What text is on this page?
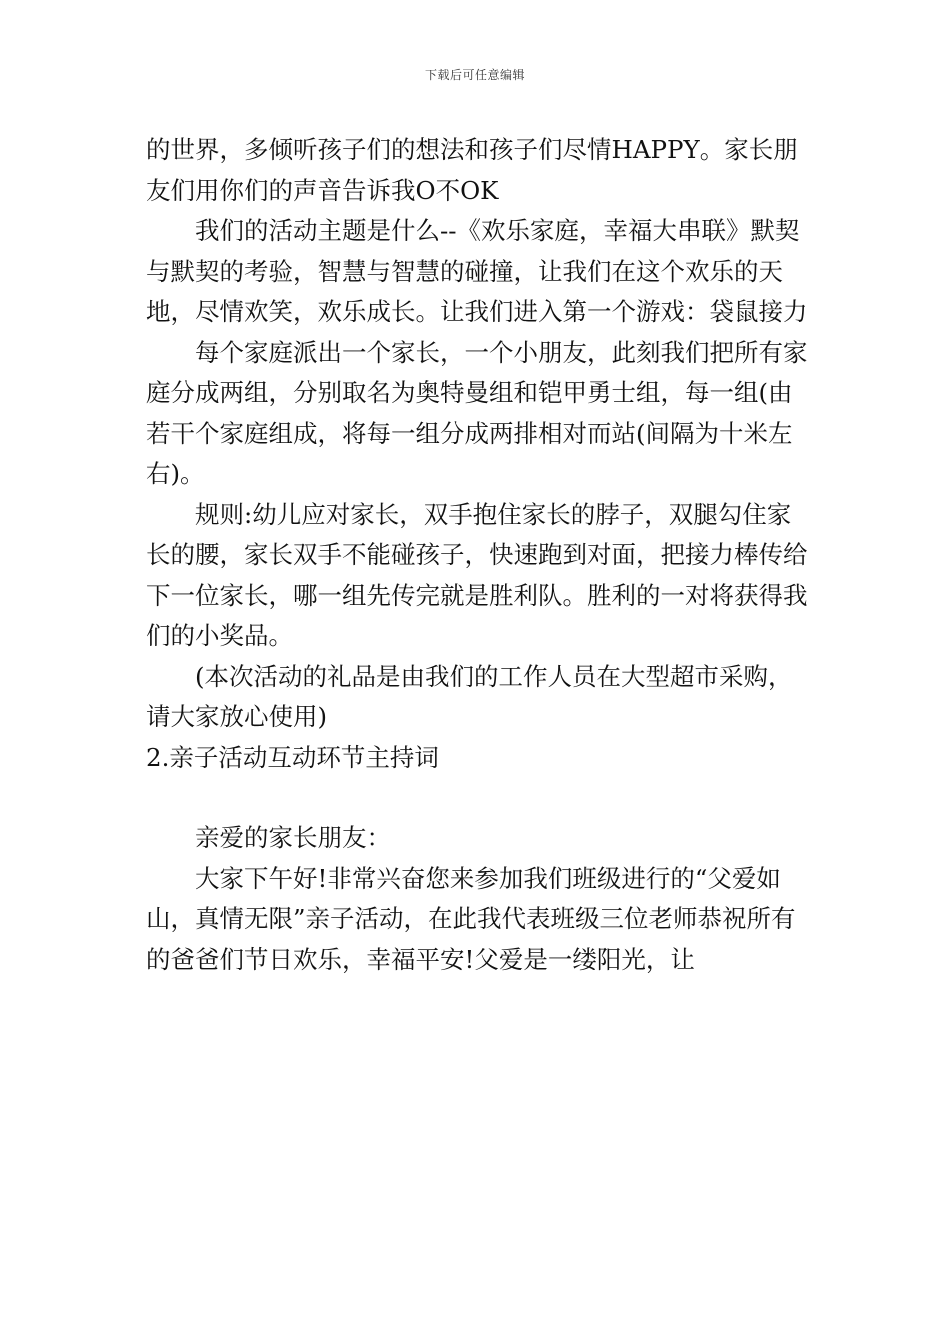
下载后可任意编辑

的世界，多倾听孩子们的想法和孩子们尽情HAPPY。家长朋友们用你们的声音告诉我O不OK

我们的活动主题是什么--《欢乐家庭，幸福大串联》默契与默契的考验，智慧与智慧的碰撞，让我们在这个欢乐的天地，尽情欢笑，欢乐成长。让我们进入第一个游戏：袋鼠接力

每个家庭派出一个家长，一个小朋友，此刻我们把所有家庭分成两组，分别取名为奥特曼组和铠甲勇士组，每一组(由若干个家庭组成，将每一组分成两排相对而站(间隔为十米左右)。

规则:幼儿应对家长，双手抱住家长的脖子，双腿勾住家长的腰，家长双手不能碰孩子，快速跑到对面，把接力棒传给下一位家长，哪一组先传完就是胜利队。胜利的一对将获得我们的小奖品。

(本次活动的礼品是由我们的工作人员在大型超市采购，请大家放心使用)

2.亲子活动互动环节主持词

亲爱的家长朋友：

大家下午好!非常兴奋您来参加我们班级进行的“父爱如山，真情无限”亲子活动，在此我代表班级三位老师恭祝所有的爸爸们节日欢乐，幸福平安!父爱是一缕阳光，让
